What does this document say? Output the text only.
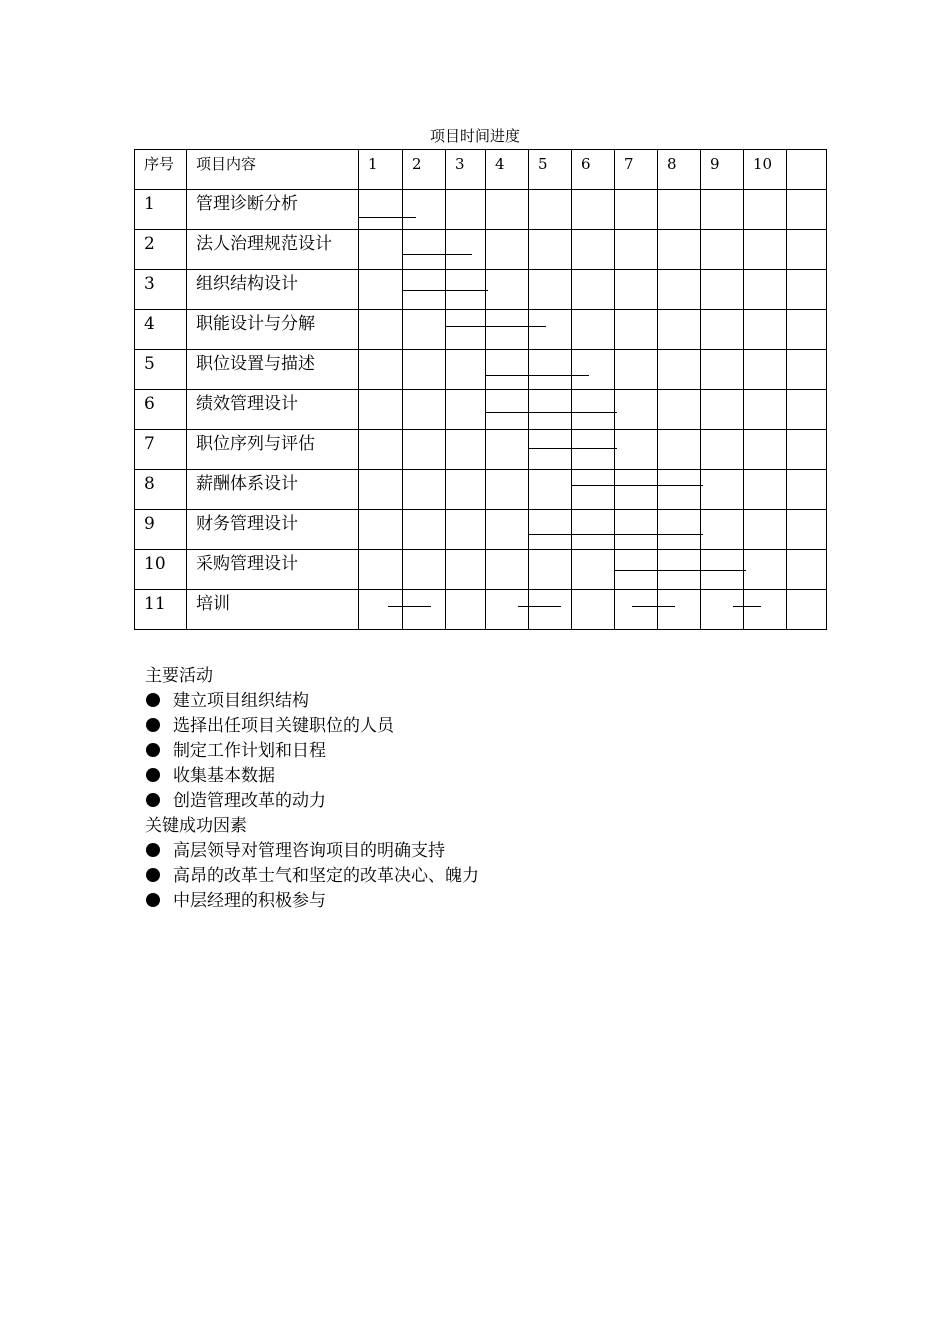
项目时间进度
序号	项目内容	1	2	3	4	5	6	7	8	9	10	

1	管理诊断分析											

2	法人治理规范设计											

3	组织结构设计											

4	职能设计与分解											

5	职位设置与描述											

6	绩效管理设计											

7	职位序列与评估											

8	薪酬体系设计											

9	财务管理设计											

10	采购管理设计											

11	培训											

主要活动
建立项目组织结构
选择出任项目关键职位的人员
制定工作计划和日程
收集基本数据
创造管理改革的动力
关键成功因素
高层领导对管理咨询项目的明确支持
高昂的改革士气和坚定的改革决心、魄力
中层经理的积极参与
